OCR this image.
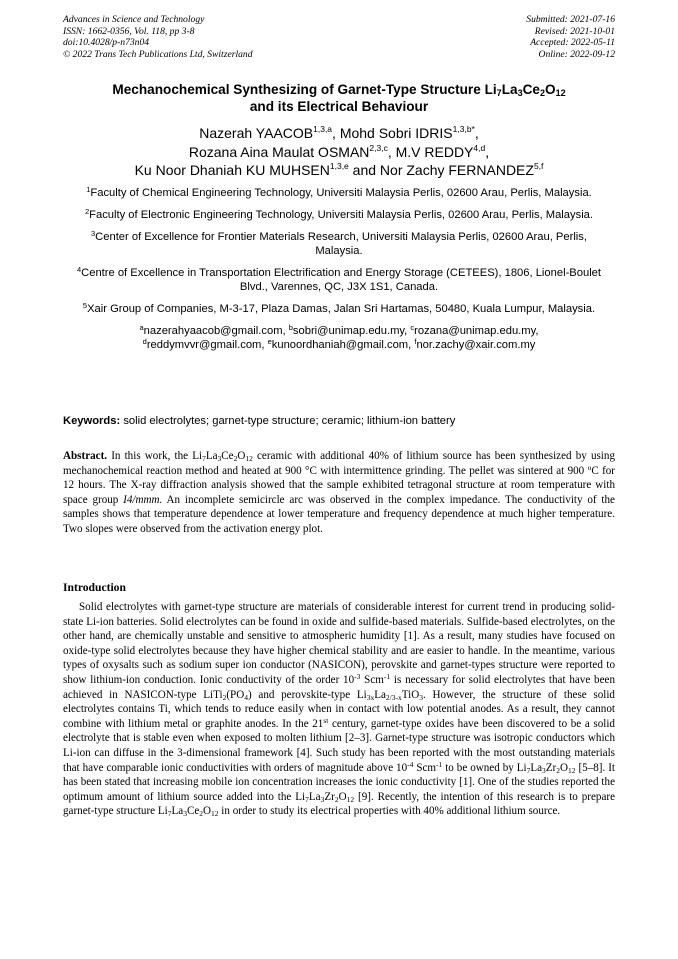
Advances in Science and Technology
ISSN: 1662-0356, Vol. 118, pp 3-8
doi:10.4028/p-n73n04
© 2022 Trans Tech Publications Ltd, Switzerland
Submitted: 2021-07-16
Revised: 2021-10-01
Accepted: 2022-05-11
Online: 2022-09-12
Mechanochemical Synthesizing of Garnet-Type Structure $Li_7La_3Ce_2O_{12}$
and its Electrical Behaviour
Nazerah YAACOB$^{1,3,a}$, Mohd Sobri $IDRIS^{1,3,b*}$,
Rozana Aina Maulat OSMAN$^{2,3,c}$, M.V REDDY$^{4,d}$,
Ku Noor Dhaniah KU MUHSEN$^{1,3,e}$ and Nor Zachy FERNANDEZ$^{5,f}$
$^1$Faculty of Chemical Engineering Technology, Universiti Malaysia Perlis, 02600 Arau, Perlis, Malaysia.
$^2$Faculty of Electronic Engineering Technology, Universiti Malaysia Perlis, 02600 Arau, Perlis, Malaysia.
$^3$Center of Excellence for Frontier Materials Research, Universiti Malaysia Perlis, 02600 Arau, Perlis, Malaysia.
$^4$Centre of Excellence in Transportation Electrification and Energy Storage (CETEES), 1806, Lionel-Boulet Blvd., Varennes, QC, J3X 1S1, Canada.
$^5$Xair Group of Companies, M-3-17, Plaza Damas, Jalan Sri Hartamas, 50480, Kuala Lumpur, Malaysia.
$^a$nazerahyaacob@gmail.com, $^b$sobri@unimap.edu.my, $^c$rozana@unimap.edu.my,
$^d$reddymvvr@gmail.com, $^e$kunoordhaniah@gmail.com, $^f$nor.zachy@xair.com.my
Keywords: solid electrolytes; garnet-type structure; ceramic; lithium-ion battery
Abstract. In this work, the $Li_7La_3Ce_2O_{12}$ ceramic with additional 40% of lithium source has been synthesized by using mechanochemical reaction method and heated at 900 °C with intermittence grinding. The pellet was sintered at 900 $^o$C for 12 hours. The X-ray diffraction analysis showed that the sample exhibited tetragonal structure at room temperature with space group I4/mmm. An incomplete semicircle arc was observed in the complex impedance. The conductivity of the samples shows that temperature dependence at lower temperature and frequency dependence at much higher temperature. Two slopes were observed from the activation energy plot.
Introduction
Solid electrolytes with garnet-type structure are materials of considerable interest for current trend in producing solid-state Li-ion batteries. Solid electrolytes can be found in oxide and sulfide-based materials. Sulfide-based electrolytes, on the other hand, are chemically unstable and sensitive to atmospheric humidity [1]. As a result, many studies have focused on oxide-type solid electrolytes because they have higher chemical stability and are easier to handle. In the meantime, various types of oxysalts such as sodium super ion conductor (NASICON), perovskite and garnet-types structure were reported to show lithium-ion conduction. Ionic conductivity of the order $10^{-3}$ Scm$^{-1}$ is necessary for solid electrolytes that have been achieved in NASICON-type $LiTi_2(PO_4)$ and perovskite-type $Li_{3x}La_{2/3-x}TiO_3$. However, the structure of these solid electrolytes contains Ti, which tends to reduce easily when in contact with low potential anodes. As a result, they cannot combine with lithium metal or graphite anodes. In the 21st century, garnet-type oxides have been discovered to be a solid electrolyte that is stable even when exposed to molten lithium [2–3]. Garnet-type structure was isotropic conductors which Li-ion can diffuse in the 3-dimensional framework [4]. Such study has been reported with the most outstanding materials that have comparable ionic conductivities with orders of magnitude above $10^{-4}$ Scm$^{-1}$ to be owned by $Li_7La_3Zr_2O_{12}$ [5–8]. It has been stated that increasing mobile ion concentration increases the ionic conductivity [1]. One of the studies reported the optimum amount of lithium source added into the $Li_7La_3Zr_2O_{12}$ [9]. Recently, the intention of this research is to prepare garnet-type structure $Li_7La_3Ce_2O_{12}$ in order to study its electrical properties with 40% additional lithium source.
